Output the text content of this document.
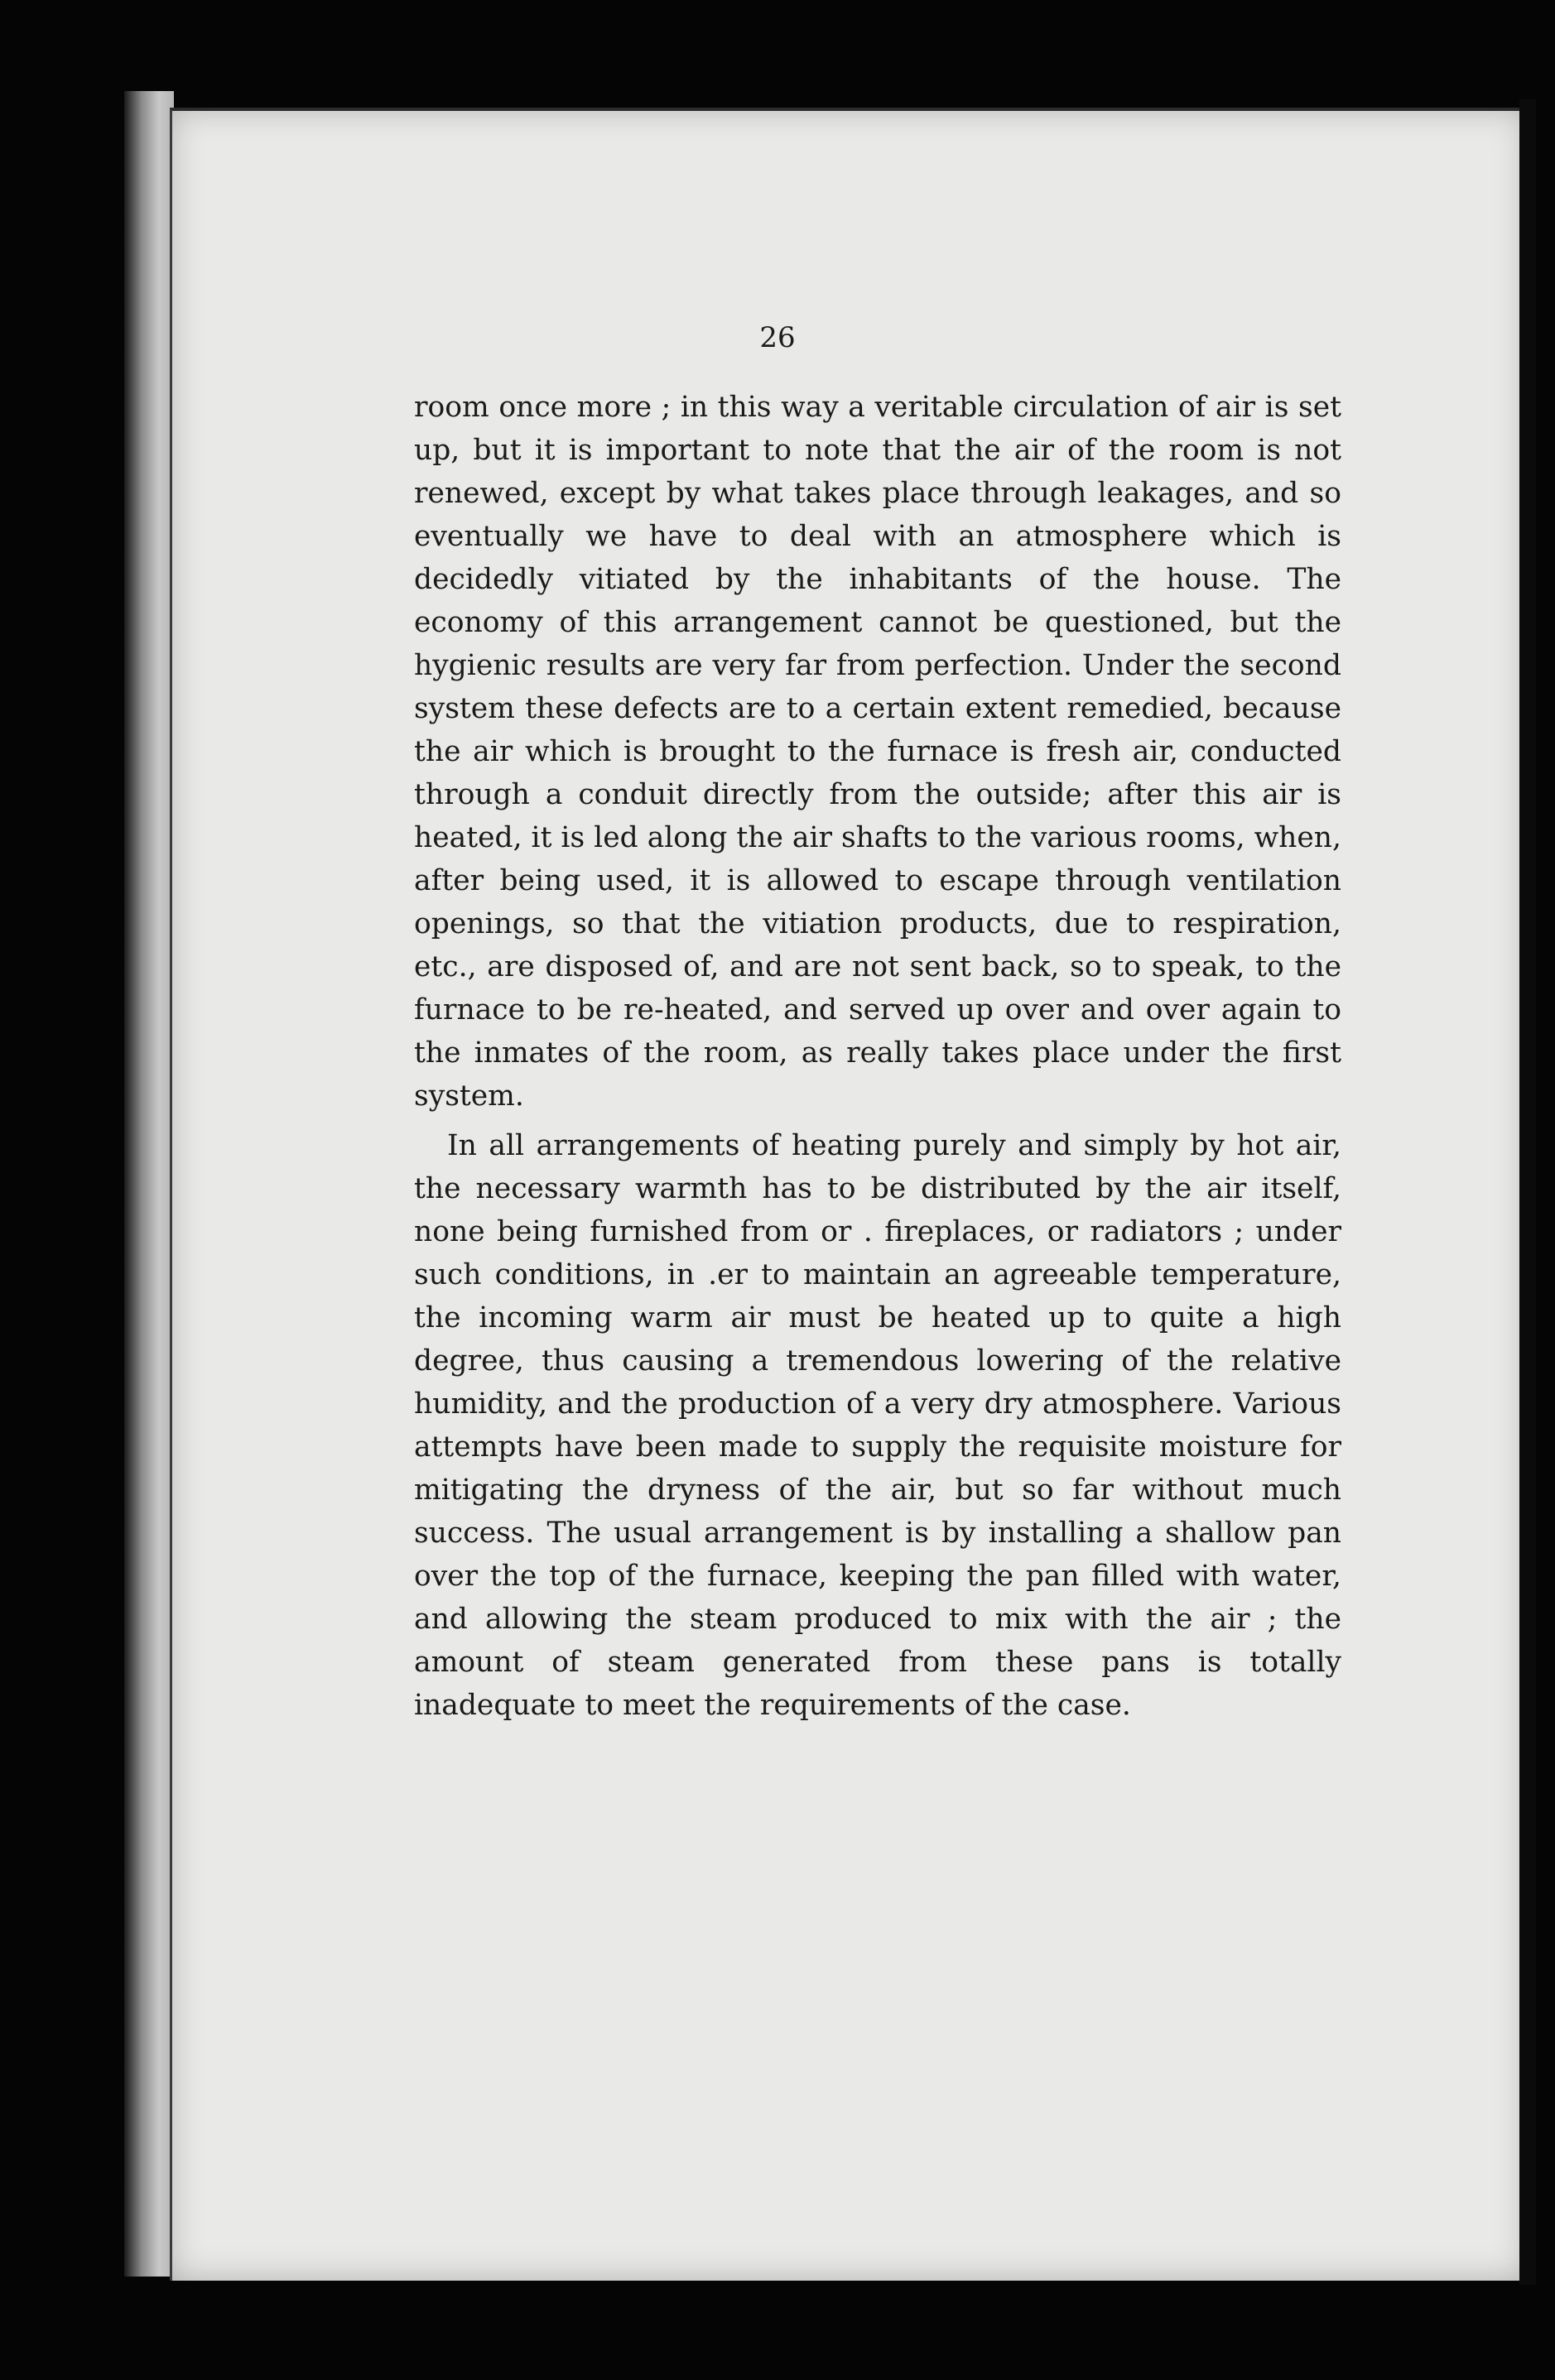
26

room once more ; in this way a veritable circulation of air is set up, but it is important to note that the air of the room is not renewed, except by what takes place through leakages, and so eventually we have to deal with an atmosphere which is decidedly vitiated by the inhabitants of the house. The economy of this arrangement cannot be questioned, but the hygienic results are very far from perfection. Under the second system these defects are to a certain extent remedied, because the air which is brought to the furnace is fresh air, conducted through a conduit directly from the outside; after this air is heated, it is led along the air shafts to the various rooms, when, after being used, it is allowed to escape through ventilation openings, so that the vitiation products, due to respiration, etc., are disposed of, and are not sent back, so to speak, to the furnace to be re-heated, and served up over and over again to the inmates of the room, as really takes place under the first system.

In all arrangements of heating purely and simply by hot air, the necessary warmth has to be distributed by the air itself, none being furnished from or . fireplaces, or radiators ; under such conditions, in .er to maintain an agreeable temperature, the incoming warm air must be heated up to quite a high degree, thus causing a tremendous lowering of the relative humidity, and the production of a very dry atmosphere. Various attempts have been made to supply the requisite moisture for mitigating the dryness of the air, but so far without much success. The usual arrangement is by installing a shallow pan over the top of the furnace, keeping the pan filled with water, and allowing the steam produced to mix with the air ; the amount of steam generated from these pans is totally inadequate to meet the requirements of the case.
